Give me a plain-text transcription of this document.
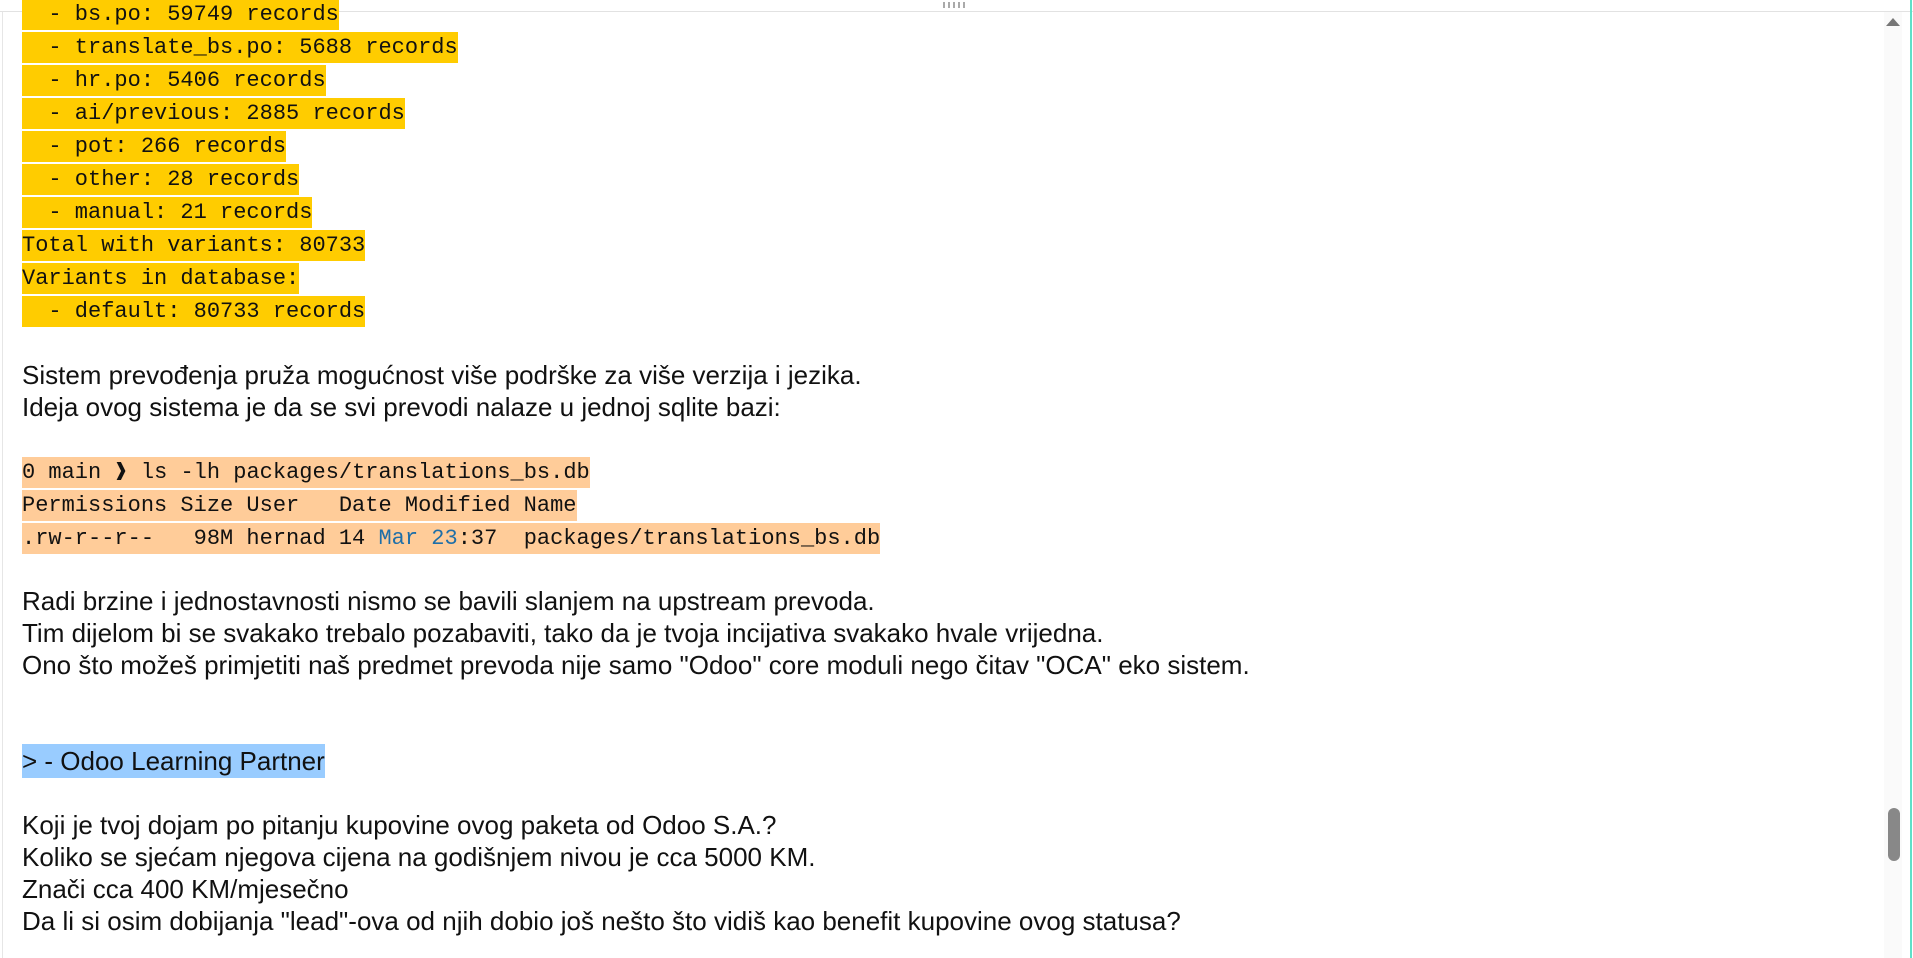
- bs.po: 59749 records
- translate_bs.po: 5688 records
- hr.po: 5406 records
- ai/previous: 2885 records
- pot: 266 records
- other: 28 records
- manual: 21 records
Total with variants: 80733
Variants in database:
- default: 80733 records
Sistem prevođenja pruža mogućnost više podrške za više verzija i jezika.
Ideja ovog sistema je da se svi prevodi nalaze u jednoj sqlite bazi:
0 main ❱ ls -lh packages/translations_bs.db
Permissions Size User   Date Modified Name
.rw-r--r--   98M hernad 14 Mar 23:37  packages/translations_bs.db
Radi brzine i jednostavnosti nismo se bavili slanjem na upstream prevoda.
Tim dijelom bi se svakako trebalo pozabaviti, tako da je tvoja incijativa svakako hvale vrijedna.
Ono što možeš primjetiti naš predmet prevoda nije samo "Odoo" core moduli nego čitav "OCA" eko sistem.
> - Odoo Learning Partner
Koji je tvoj dojam po pitanju kupovine ovog paketa od Odoo S.A.?
Koliko se sjećam njegova cijena na godišnjem nivou je cca 5000 KM.
Znači cca 400 KM/mjesečno
Da li si osim dobijanja "lead"-ova od njih dobio još nešto što vidiš kao benefit kupovine ovog statusa?
